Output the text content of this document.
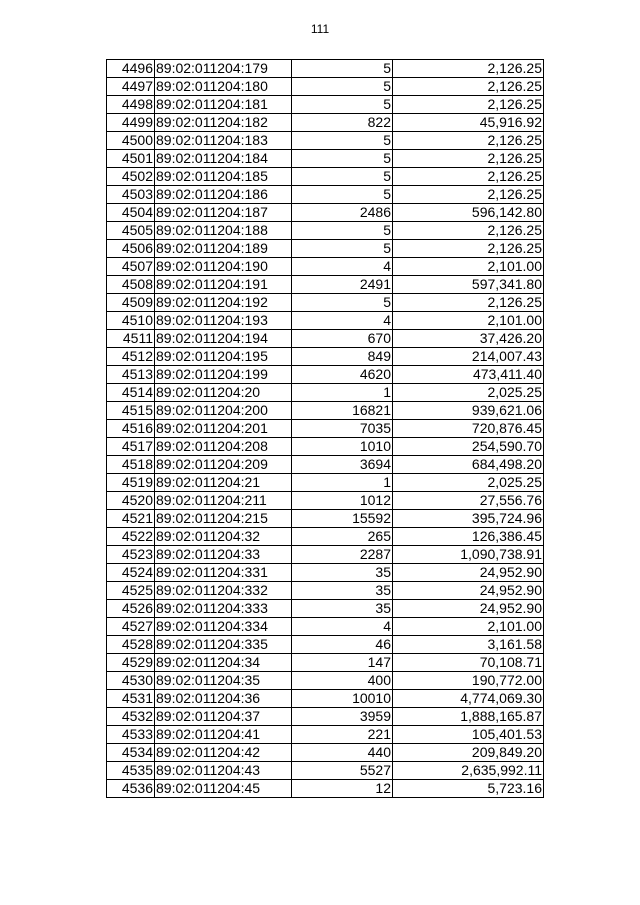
111
4496	89:02:011204:179	5	2,126.25
4497	89:02:011204:180	5	2,126.25
4498	89:02:011204:181	5	2,126.25
4499	89:02:011204:182	822	45,916.92
4500	89:02:011204:183	5	2,126.25
4501	89:02:011204:184	5	2,126.25
4502	89:02:011204:185	5	2,126.25
4503	89:02:011204:186	5	2,126.25
4504	89:02:011204:187	2486	596,142.80
4505	89:02:011204:188	5	2,126.25
4506	89:02:011204:189	5	2,126.25
4507	89:02:011204:190	4	2,101.00
4508	89:02:011204:191	2491	597,341.80
4509	89:02:011204:192	5	2,126.25
4510	89:02:011204:193	4	2,101.00
4511	89:02:011204:194	670	37,426.20
4512	89:02:011204:195	849	214,007.43
4513	89:02:011204:199	4620	473,411.40
4514	89:02:011204:20	1	2,025.25
4515	89:02:011204:200	16821	939,621.06
4516	89:02:011204:201	7035	720,876.45
4517	89:02:011204:208	1010	254,590.70
4518	89:02:011204:209	3694	684,498.20
4519	89:02:011204:21	1	2,025.25
4520	89:02:011204:211	1012	27,556.76
4521	89:02:011204:215	15592	395,724.96
4522	89:02:011204:32	265	126,386.45
4523	89:02:011204:33	2287	1,090,738.91
4524	89:02:011204:331	35	24,952.90
4525	89:02:011204:332	35	24,952.90
4526	89:02:011204:333	35	24,952.90
4527	89:02:011204:334	4	2,101.00
4528	89:02:011204:335	46	3,161.58
4529	89:02:011204:34	147	70,108.71
4530	89:02:011204:35	400	190,772.00
4531	89:02:011204:36	10010	4,774,069.30
4532	89:02:011204:37	3959	1,888,165.87
4533	89:02:011204:41	221	105,401.53
4534	89:02:011204:42	440	209,849.20
4535	89:02:011204:43	5527	2,635,992.11
4536	89:02:011204:45	12	5,723.16
